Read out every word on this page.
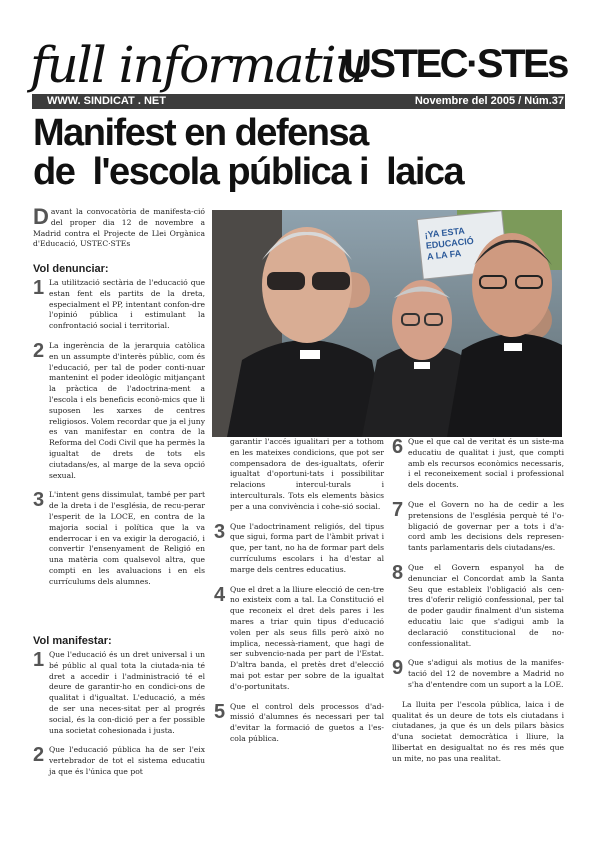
full informatiu
USTEC·STEs
WWW. SINDICAT . NET	Novembre del 2005 / Núm.37
Manifest en defensa
de  l'escola pública i  laica
¡YA ESTAEDUCACIÓA LA FA
Davant la convocatòria de manifesta-ció del proper dia 12 de novembre a Madrid contra el Projecte de Llei Orgànica d'Educació, USTEC·STEs
Vol denunciar:
1 La utilització sectària de l'educació que estan fent els partits de la dreta, especialment el PP, intentant confon-dre l'opinió pública i estimulant la confrontació social i territorial.
2 La ingerència de la jerarquia catòlica en un assumpte d'interès públic, com és l'educació, per tal de poder conti-nuar mantenint el poder ideològic mitjançant la pràctica de l'adoctrina-ment a l'escola i els beneficis econò-mics que li suposen les xarxes de centres religiosos. Volem recordar que ja el juny es van manifestar en contra de la Reforma del Codi Civil que ha permès la igualtat de drets de tots els ciutadans/es, al marge de la seva opció sexual.
3 L'intent gens dissimulat, també per part de la dreta i de l'església, de recu-perar l'esperit de la LOCE, en contra de la majoria social i política que la va enderrocar i en va exigir la derogació, i convertir l'ensenyament de Religió en una matèria com qualsevol altra, que compti en les avaluacions i en els currículums dels alumnes.
Vol manifestar:
1 Que l'educació és un dret universal i un bé públic al qual tota la ciutada-nia té dret a accedir i l'administració té el deure de garantir-ho en condici-ons de qualitat i d'igualtat. L'educació, a més de ser una neces-sitat per al progrés social, és la con-dició per a fer possible una societat cohesionada i justa.
2 Que l'educació pública ha de ser l'eix vertebrador de tot el sistema educatiu ja que és l'única que pot
garantir l'accés igualitari per a tothom en les mateixes condicions, que pot ser compensadora de des-igualtats, oferir igualtat d'oportuni-tats i possibilitar relacions intercul-turals i interculturals. Tots els elements bàsics per a una convivència i cohe-sió social.
3 Que l'adoctrinament religiós, del tipus que sigui, forma part de l'àmbit privat i que, per tant, no ha de formar part dels currículums escolars i ha d'estar al marge dels centres educatius.
4 Que el dret a la lliure elecció de cen-tre no existeix com a tal. La Constitució el que reconeix el dret dels pares i les mares a triar quin tipus d'educació volen per als seus fills però això no implica, necessà-riament, que hagi de ser subvencio-nada per part de l'Estat. D'altra banda, el pretès dret d'elecció mai pot estar per sobre de la igualtat d'o-portunitats.
5 Que el control dels processos d'ad-missió d'alumnes és necessari per tal d'evitar la formació de guetos a l'es-cola pública.
6 Que el que cal de veritat és un siste-ma educatiu de qualitat i just, que compti amb els recursos econòmics necessaris, i el reconeixement social i professional dels docents.
7 Que el Govern no ha de cedir a les pretensions de l'església perquè té l'o-bligació de governar per a tots i d'a-cord amb les decisions dels represen-tants parlamentaris dels ciutadans/es.
8 Que el Govern espanyol ha de denunciar el Concordat amb la Santa Seu que estableix l'obligació als cen-tres d'oferir religió confessional, per tal de poder gaudir finalment d'un sistema educatiu laic que s'adigui amb la declaració constitucional de no-confessionalitat.
9 Que s'adigui als motius de la manifes-tació del 12 de novembre a Madrid no s'ha d'entendre com un suport a la LOE.
La lluita per l'escola pública, laica i de qualitat és un deure de tots els ciutadans i ciutadanes, ja que és un dels pilars bàsics d'una societat democràtica i lliure, la llibertat en desigualtat no és res més que un mite, no pas una realitat.
